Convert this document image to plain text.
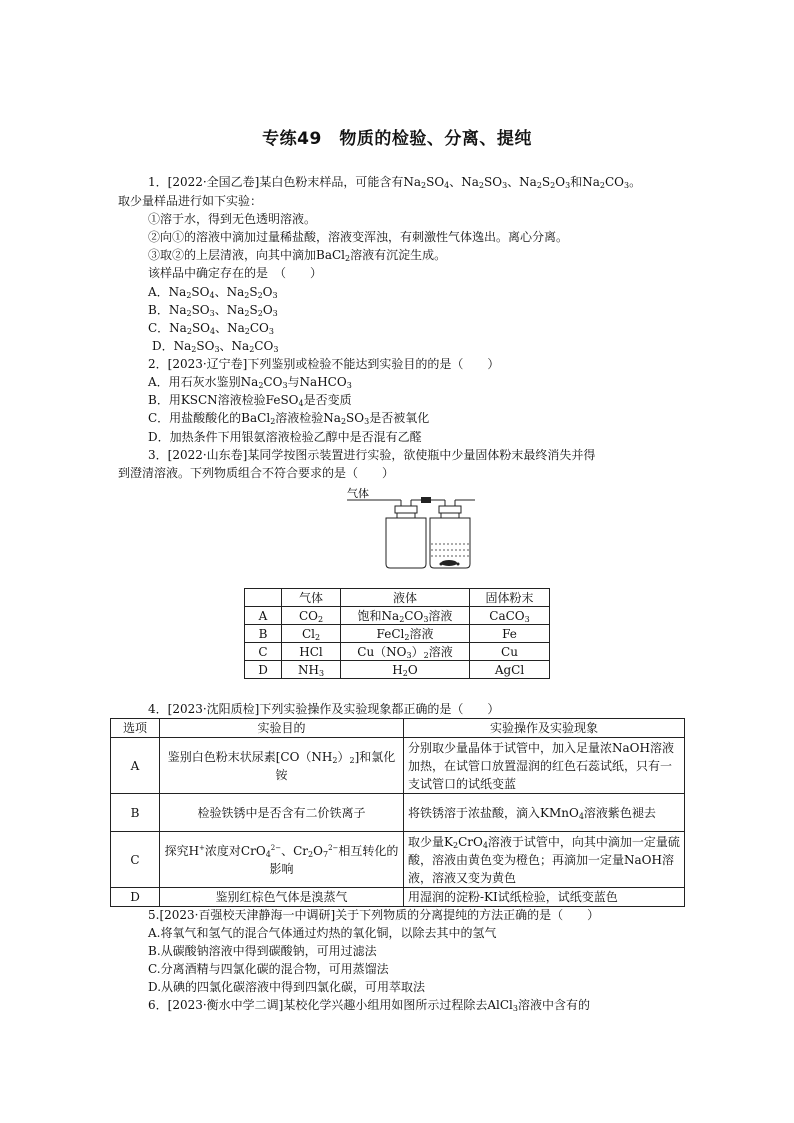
专练49　物质的检验、分离、提纯
1．[2022·全国乙卷]某白色粉末样品，可能含有$Na_2SO_4$、$Na_2SO_3$、$Na_2S_2O_3$和$Na_2CO_3$。
取少量样品进行如下实验：
①溶于水，得到无色透明溶液。
②向①的溶液中滴加过量稀盐酸，溶液变浑浊，有刺激性气体逸出。离心分离。
③取②的上层清液，向其中滴加BaCl$_2$溶液有沉淀生成。
该样品中确定存在的是　（　　）
A．$Na_2SO_4$、$Na_2S_2O_3$
B．$Na_2SO_3$、$Na_2S_2O_3$
C．$Na_2SO_4$、$Na_2CO_3$
D．$Na_2SO_3$、$Na_2CO_3$
2．[2023·辽宁卷]下列鉴别或检验不能达到实验目的的是（　　）
A．用石灰水鉴别$Na_2CO_3$与NaHCO$_3$
B．用KSCN溶液检验FeSO$_4$是否变质
C．用盐酸酸化的BaCl$_2$溶液检验$Na_2SO_3$是否被氧化
D．加热条件下用银氨溶液检验乙醇中是否混有乙醛
3．[2022·山东卷]某同学按图示装置进行实验，欲使瓶中少量固体粉末最终消失并得
到澄清溶液。下列物质组合不符合要求的是（　　）
气体
	气体	液体	固体粉末
A	$CO_2$	饱和$Na_2CO_3$溶液	CaCO$_3$
B	$Cl_2$	FeCl$_2$溶液	Fe
C	HCl	$Cu(NO_3)_2$溶液	Cu
D	$NH_3$	$H_2O$	AgCl
4．[2023·沈阳质检]下列实验操作及实验现象都正确的是（　　）
选项	实验目的	实验操作及实验现象
A	鉴别白色粉末状尿素$[CO(NH_2)_2]$和氯化铵	分别取少量晶体于试管中，加入足量浓NaOH溶液加热，在试管口放置湿润的红色石蕊试纸，只有一支试管口的试纸变蓝
B	检验铁锈中是否含有二价铁离子	将铁锈溶于浓盐酸，滴入KMnO$_4$溶液紫色褪去
C	探究H+浓度对CrO$_4^{2-}$、$Cr_2O_7^{2-}$相互转化的影响	取少量$K_2CrO_4$溶液于试管中，向其中滴加一定量硫酸，溶液由黄色变为橙色；再滴加一定量NaOH溶液，溶液又变为黄色
D	鉴别红棕色气体是溴蒸气	用湿润的淀粉-KI试纸检验，试纸变蓝色
5.[2023·百强校天津静海一中调研]关于下列物质的分离提纯的方法正确的是（　　）
A.将氧气和氢气的混合气体通过灼热的氧化铜，以除去其中的氢气
B.从碳酸钠溶液中得到碳酸钠，可用过滤法
C.分离酒精与四氯化碳的混合物，可用蒸馏法
D.从碘的四氯化碳溶液中得到四氯化碳，可用萃取法
6．[2023·衡水中学二调]某校化学兴趣小组用如图所示过程除去AlCl$_3$溶液中含有的
